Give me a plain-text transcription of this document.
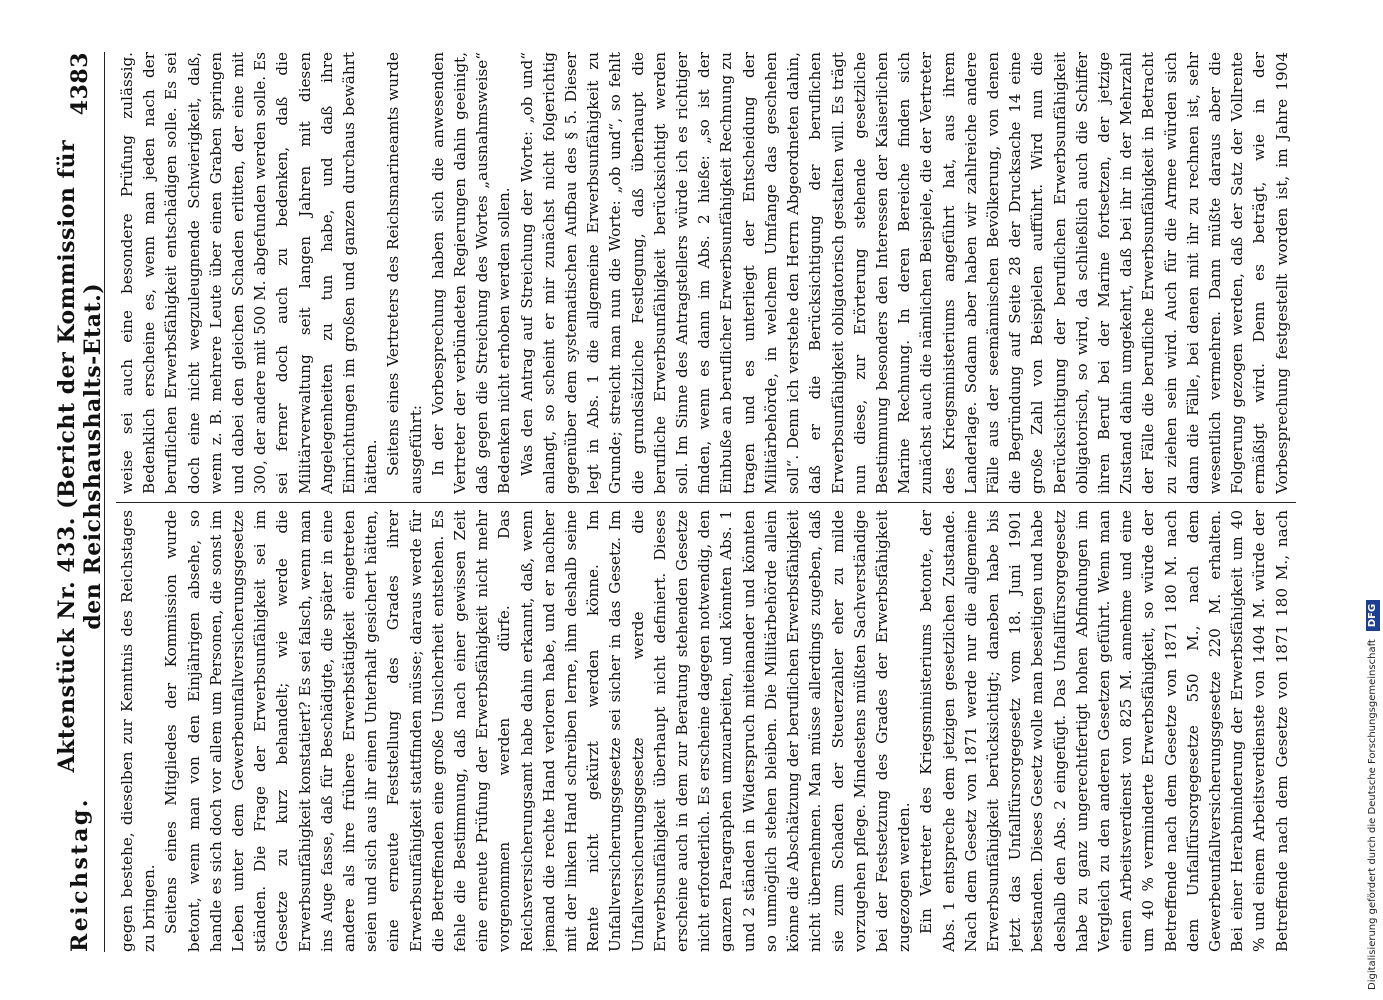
Reichstag.
Aktenstück Nr. 433. (Bericht der Kommission für den Reichshaushalts-Etat.)
4383

gegen bestehe, dieselben zur Kenntnis des Reichstages zu bringen. Seitens eines Mitgliedes der Kommission wurde betont, wenn man von den Einjährigen absehe, so handle es sich doch vor allem um Personen, die sonst im Leben unter dem Gewerbeunfallversicherungsgesetze ständen. Die Frage der Erwerbsunfähigkeit sei im Gesetze zu kurz behandelt; wie werde die Erwerbsunfähigkeit konstatiert? Es sei falsch, wenn man ins Auge fasse, daß für Beschädigte, die später in eine andere als ihre frühere Erwerbstätigkeit eingetreten seien und sich aus ihr einen Unterhalt gesichert hätten, eine erneute Feststellung des Grades ihrer Erwerbsunfähigkeit stattfinden müsse; daraus werde für die Betreffenden eine große Unsicherheit entstehen. Es fehle die Bestimmung, daß nach einer gewissen Zeit eine erneute Prüfung der Erwerbsfähigkeit nicht mehr vorgenommen werden dürfe. Das Reichsversicherungsamt habe dahin erkannt, daß, wenn jemand die rechte Hand verloren habe, und er nachher mit der linken Hand schreiben lerne, ihm deshalb seine Rente nicht gekürzt werden könne. Im Unfallversicherungsgesetze sei sicher in das Gesetz. Im Unfallversicherungsgesetze werde die Erwerbsunfähigkeit überhaupt nicht definiert. Dieses erscheine auch in dem zur Beratung stehenden Gesetze nicht erforderlich. Es erscheine dagegen notwendig, den ganzen Paragraphen umzuarbeiten, und könnten Abs. 1 und 2 ständen in Widerspruch miteinander und könnten so unmöglich stehen bleiben. Die Militärbehörde allein könne die Abschätzung der beruflichen Erwerbsfähigkeit nicht übernehmen. Man müsse allerdings zugeben, daß sie zum Schaden der Steuerzahler eher zu milde vorzugehen pflege. Mindestens müßten Sachverständige bei der Festsetzung des Grades der Erwerbsfähigkeit zugezogen werden. Ein Vertreter des Kriegsministeriums betonte, der Abs. 1 entspreche dem jetzigen gesetzlichen Zustande. Nach dem Gesetz von 1871 werde nur die allgemeine Erwerbsunfähigkeit berücksichtigt; daneben habe bis jetzt das Unfallfürsorgegesetz vom 18. Juni 1901 bestanden. Dieses Gesetz wolle man beseitigen und habe deshalb den Abs. 2 eingefügt. Das Unfallfürsorgegesetz habe zu ganz ungerechtfertigt hohen Abfindungen im Vergleich zu den anderen Gesetzen geführt. Wenn man einen Arbeitsverdienst von 825 M. annehme und eine um 40 % verminderte Erwerbsfähigkeit, so würde der Betreffende nach dem Gesetze von 1871 180 M. nach dem Unfallfürsorgegesetze 550 M., nach dem Gewerbeunfallversicherungsgesetze 220 M. erhalten. Bei einer Herabminderung der Erwerbsfähigkeit um 40 % und einem Arbeitsverdienste von 1404 M. würde der Betreffende nach dem Gesetze von 1871 180 M., nach

weise sei auch eine besondere Prüfung zulässig. Bedenklich erscheine es, wenn man jeden nach der beruflichen Erwerbsfähigkeit entschädigen solle. Es sei doch eine nicht wegzuleugnende Schwierigkeit, daß, wenn z. B. mehrere Leute über einen Graben springen und dabei den gleichen Schaden erlitten, der eine mit 300, der andere mit 500 M. abgefunden werden solle. Es sei ferner doch auch zu bedenken, daß die Militärverwaltung seit langen Jahren mit diesen Angelegenheiten zu tun habe, und daß ihre Einrichtungen im großen und ganzen durchaus bewährt hätten. Seitens eines Vertreters des Reichsmarineamts wurde ausgeführt: In der Vorbesprechung haben sich die anwesenden Vertreter der verbündeten Regierungen dahin geeinigt, daß gegen die Streichung des Wortes „ausnahmsweise“ Bedenken nicht erhoben werden sollen. Was den Antrag auf Streichung der Worte: „ob und“ anlangt, so scheint er mir zunächst nicht folgerichtig gegenüber dem systematischen Aufbau des § 5. Dieser legt in Abs. 1 die allgemeine Erwerbsunfähigkeit zu Grunde; streicht man nun die Worte: „ob und“, so fehlt die grundsätzliche Festlegung, daß überhaupt die berufliche Erwerbsunfähigkeit berücksichtigt werden soll. Im Sinne des Antragstellers würde ich es richtiger finden, wenn es dann im Abs. 2 hieße: „so ist der Einbuße an beruflicher Erwerbsunfähigkeit Rechnung zu tragen und es unterliegt der Entscheidung der Militärbehörde, in welchem Umfange das geschehen soll“. Denn ich verstehe den Herrn Abgeordneten dahin, daß er die Berücksichtigung der beruflichen Erwerbsunfähigkeit obligatorisch gestalten will. Es trägt nun diese, zur Erörterung stehende gesetzliche Bestimmung besonders den Interessen der Kaiserlichen Marine Rechnung. In deren Bereiche finden sich zunächst auch die nämlichen Beispiele, die der Vertreter des Kriegsministeriums angeführt hat, aus ihrem Landerlage. Sodann aber haben wir zahlreiche andere Fälle aus der seemännischen Bevölkerung, von denen die Begründung auf Seite 28 der Drucksache 14 eine große Zahl von Beispielen aufführt. Wird nun die Berücksichtigung der beruflichen Erwerbsunfähigkeit obligatorisch, so wird, da schließlich auch die Schiffer ihren Beruf bei der Marine fortsetzen, der jetzige Zustand dahin umgekehrt, daß bei ihr in der Mehrzahl der Fälle die berufliche Erwerbsunfähigkeit in Betracht zu ziehen sein wird. Auch für die Armee würden sich dann die Fälle, bei denen mit ihr zu rechnen ist, sehr wesentlich vermehren. Dann müßte daraus aber die Folgerung gezogen werden, daß der Satz der Vollrente ermäßigt wird. Denn es beträgt, wie in der Vorbesprechung festgestellt worden ist, im Jahre 1904

Digitalisierung gefördert durch die Deutsche Forschungsgemeinschaft
DFG
